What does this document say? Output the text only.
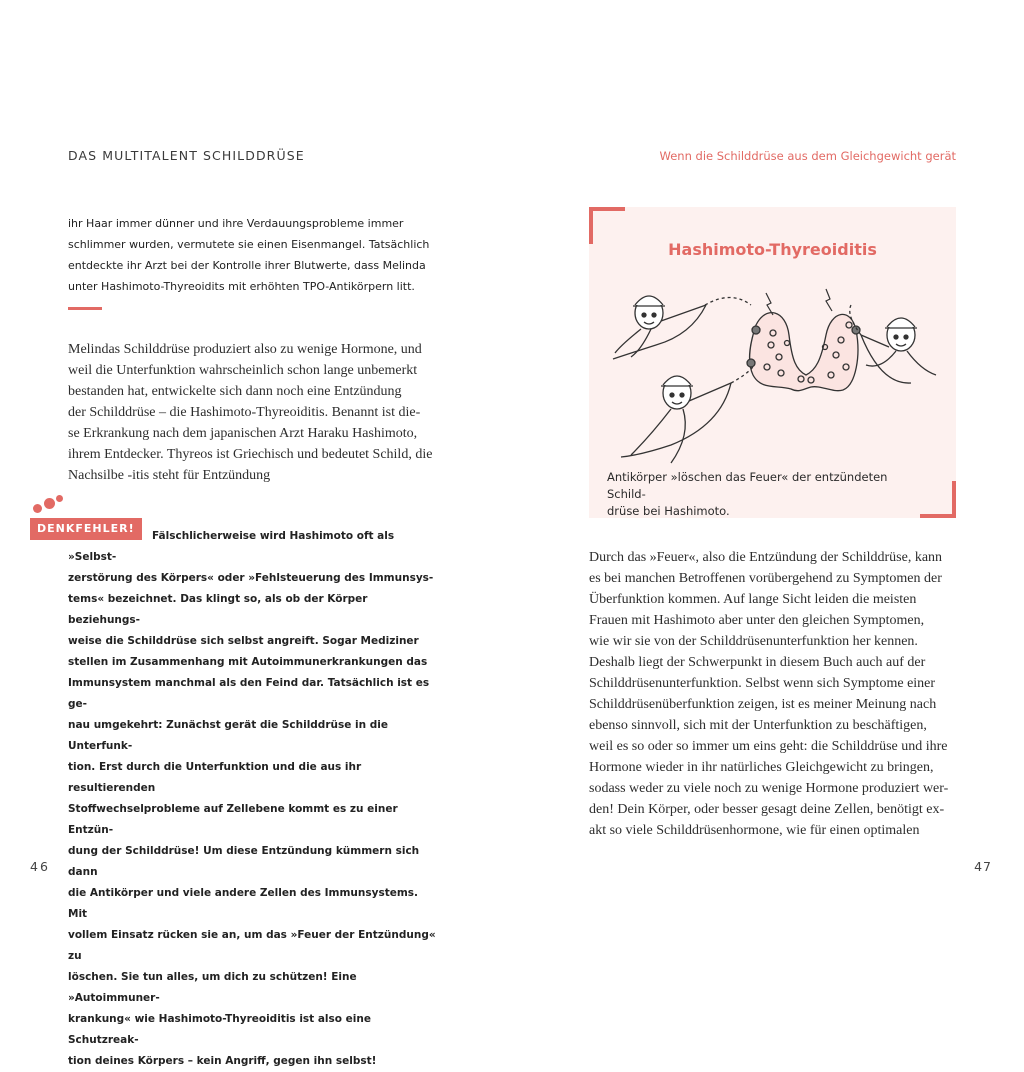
DAS MULTITALENT SCHILDDRÜSE	Wenn die Schilddrüse aus dem Gleichgewicht gerät
ihr Haar immer dünner und ihre Verdauungsprobleme immer
schlimmer wurden, vermutete sie einen Eisenmangel. Tatsächlich
entdeckte ihr Arzt bei der Kontrolle ihrer Blutwerte, dass Melinda
unter Hashimoto-Thyreoidits mit erhöhten TPO-Antikörpern litt.

Melindas Schilddrüse produziert also zu wenige Hormone, und

weil die Unterfunktion wahrscheinlich schon lange unbemerkt

bestanden hat, entwickelte sich dann noch eine Entzündung

der Schilddrüse – die Hashimoto-Thyreoiditis. Benannt ist die-

se Erkrankung nach dem japanischen Arzt Haraku Hashimoto,

ihrem Entdecker. Thyreos ist Griechisch und bedeutet Schild, die

Nachsilbe -itis steht für Entzündung

DENKFEHLER!
Fälschlicherweise wird Hashimoto oft als »Selbst-
zerstörung des Körpers« oder »Fehlsteuerung des Immunsys-
tems« bezeichnet. Das klingt so, als ob der Körper beziehungs-
weise die Schilddrüse sich selbst angreift. Sogar Mediziner
stellen im Zusammenhang mit Autoimmunerkrankungen das
Immunsystem manchmal als den Feind dar. Tatsächlich ist es ge-
nau umgekehrt: Zunächst gerät die Schilddrüse in die Unterfunk-
tion. Erst durch die Unterfunktion und die aus ihr resultierenden
Stoffwechselprobleme auf Zellebene kommt es zu einer Entzün-
dung der Schilddrüse! Um diese Entzündung kümmern sich dann
die Antikörper und viele andere Zellen des Immunsystems. Mit
vollem Einsatz rücken sie an, um das »Feuer der Entzündung« zu
löschen. Sie tun alles, um dich zu schützen! Eine »Autoimmuner-
krankung« wie Hashimoto-Thyreoiditis ist also eine Schutzreak-
tion deines Körpers – kein Angriff, gegen ihn selbst!
46
Hashimoto-Thyreoiditis
Antikörper »löschen das Feuer« der entzündeten Schild-
drüse bei Hashimoto.

Durch das »Feuer«, also die Entzündung der Schilddrüse, kann

es bei manchen Betroffenen vorübergehend zu Symptomen der

Überfunktion kommen. Auf lange Sicht leiden die meisten

Frauen mit Hashimoto aber unter den gleichen Symptomen,

wie wir sie von der Schilddrüsenunterfunktion her kennen.

Deshalb liegt der Schwerpunkt in diesem Buch auch auf der

Schilddrüsenunterfunktion. Selbst wenn sich Symptome einer

Schilddrüsenüberfunktion zeigen, ist es meiner Meinung nach

ebenso sinnvoll, sich mit der Unterfunktion zu beschäftigen,

weil es so oder so immer um eins geht: die Schilddrüse und ihre

Hormone wieder in ihr natürliches Gleichgewicht zu bringen,

sodass weder zu viele noch zu wenige Hormone produziert wer-

den! Dein Körper, oder besser gesagt deine Zellen, benötigt ex-

akt so viele Schilddrüsenhormone, wie für einen optimalen

47
